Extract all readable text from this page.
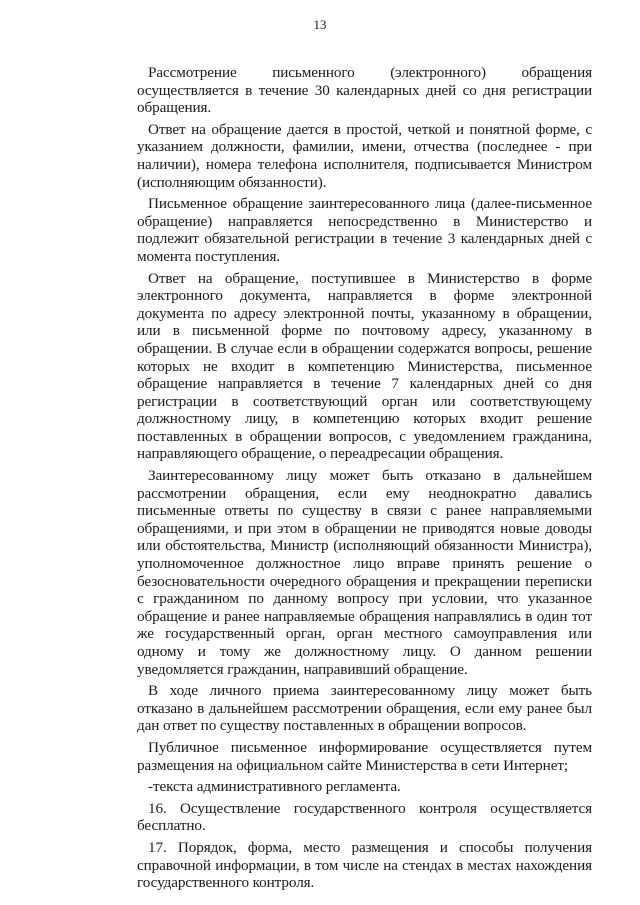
13

Рассмотрение письменного (электронного) обращения осуществляется в течение 30 календарных дней со дня регистрации обращения.

Ответ на обращение дается в простой, четкой и понятной форме, с указанием должности, фамилии, имени, отчества (последнее - при наличии), номера телефона исполнителя, подписывается Министром (исполняющим обязанности).

Письменное обращение заинтересованного лица (далее-письменное обращение) направляется непосредственно в Министерство и подлежит обязательной регистрации в течение 3 календарных дней с момента поступления.

Ответ на обращение, поступившее в Министерство в форме электронного документа, направляется в форме электронной документа по адресу электронной почты, указанному в обращении, или в письменной форме по почтовому адресу, указанному в обращении. В случае если в обращении содержатся вопросы, решение которых не входит в компетенцию Министерства, письменное обращение направляется в течение 7 календарных дней со дня регистрации в соответствующий орган или соответствующему должностному лицу, в компетенцию которых входит решение поставленных в обращении вопросов, с уведомлением гражданина, направляющего обращение, о переадресации обращения.

Заинтересованному лицу может быть отказано в дальнейшем рассмотрении обращения, если ему неоднократно давались письменные ответы по существу в связи с ранее направляемыми обращениями, и при этом в обращении не приводятся новые доводы или обстоятельства, Министр (исполняющий обязанности Министра), уполномоченное должностное лицо вправе принять решение о безосновательности очередного обращения и прекращении переписки с гражданином по данному вопросу при условии, что указанное обращение и ранее направляемые обращения направлялись в один тот же государственный орган, орган местного самоуправления или одному и тому же должностному лицу. О данном решении уведомляется гражданин, направивший обращение.

В ходе личного приема заинтересованному лицу может быть отказано в дальнейшем рассмотрении обращения, если ему ранее был дан ответ по существу поставленных в обращении вопросов.

Публичное письменное информирование осуществляется путем размещения на официальном сайте Министерства в сети Интернет;

-текста административного регламента.

16. Осуществление государственного контроля осуществляется бесплатно.

17. Порядок, форма, место размещения и способы получения справочной информации, в том числе на стендах в местах нахождения государственного контроля.
